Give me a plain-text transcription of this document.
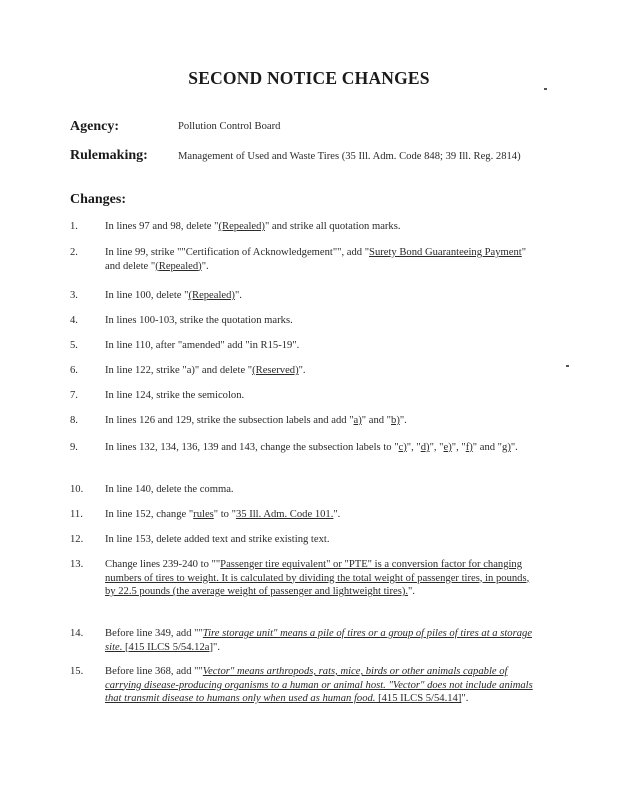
SECOND NOTICE CHANGES
Agency:	Pollution Control Board
Rulemaking:	Management of Used and Waste Tires (35 Ill. Adm. Code 848; 39 Ill. Reg. 2814)
Changes:
1.	In lines 97 and 98, delete "(Repealed)" and strike all quotation marks.
2.	In line 99, strike ""Certification of Acknowledgement"", add "Surety Bond Guaranteeing Payment" and delete "(Repealed)".
3.	In line 100, delete "(Repealed)".
4.	In lines 100-103, strike the quotation marks.
5.	In line 110, after "amended" add "in R15-19".
6.	In line 122, strike "a)" and delete "(Reserved)".
7.	In line 124, strike the semicolon.
8.	In lines 126 and 129, strike the subsection labels and add "a)" and "b)".
9.	In lines 132, 134, 136, 139 and 143, change the subsection labels to "c)", "d)", "e)", "f)" and "g)".
10. In line 140, delete the comma.
11. In line 152, change "rules" to "35 Ill. Adm. Code 101.".
12. In line 153, delete added text and strike existing text.
13. Change lines 239-240 to ""Passenger tire equivalent" or "PTE" is a conversion factor for changing numbers of tires to weight. It is calculated by dividing the total weight of passenger tires, in pounds, by 22.5 pounds (the average weight of passenger and lightweight tires).".
14. Before line 349, add ""Tire storage unit" means a pile of tires or a group of piles of tires at a storage site. [415 ILCS 5/54.12a]".
15. Before line 368, add ""Vector" means arthropods, rats, mice, birds or other animals capable of carrying disease-producing organisms to a human or animal host. "Vector" does not include animals that transmit disease to humans only when used as human food. [415 ILCS 5/54.14]".
